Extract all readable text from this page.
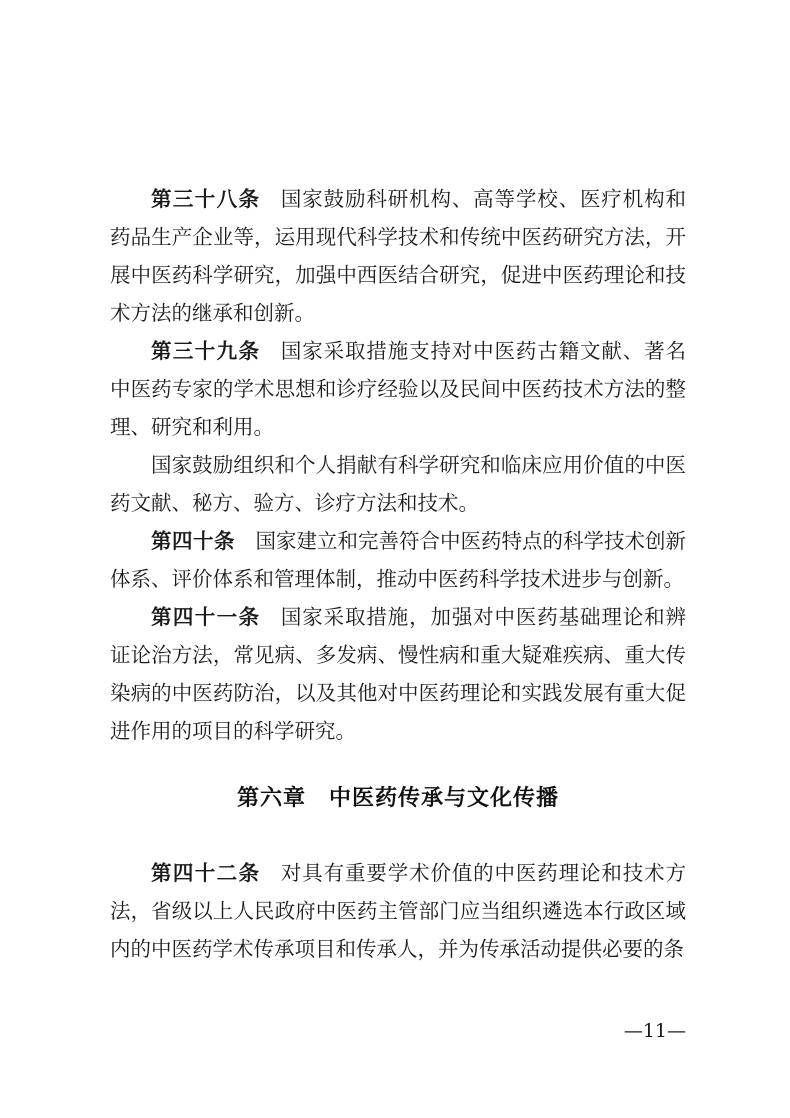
第三十八条 国家鼓励科研机构、高等学校、医疗机构和药品生产企业等，运用现代科学技术和传统中医药研究方法，开展中医药科学研究，加强中西医结合研究，促进中医药理论和技术方法的继承和创新。

第三十九条 国家采取措施支持对中医药古籍文献、著名中医药专家的学术思想和诊疗经验以及民间中医药技术方法的整理、研究和利用。

国家鼓励组织和个人捐献有科学研究和临床应用价值的中医药文献、秘方、验方、诊疗方法和技术。

第四十条 国家建立和完善符合中医药特点的科学技术创新体系、评价体系和管理体制，推动中医药科学技术进步与创新。

第四十一条 国家采取措施，加强对中医药基础理论和辨证论治方法，常见病、多发病、慢性病和重大疑难疾病、重大传染病的中医药防治，以及其他对中医药理论和实践发展有重大促进作用的项目的科学研究。

第六章　中医药传承与文化传播

第四十二条 对具有重要学术价值的中医药理论和技术方法，省级以上人民政府中医药主管部门应当组织遴选本行政区域内的中医药学术传承项目和传承人，并为传承活动提供必要的条

—11—
